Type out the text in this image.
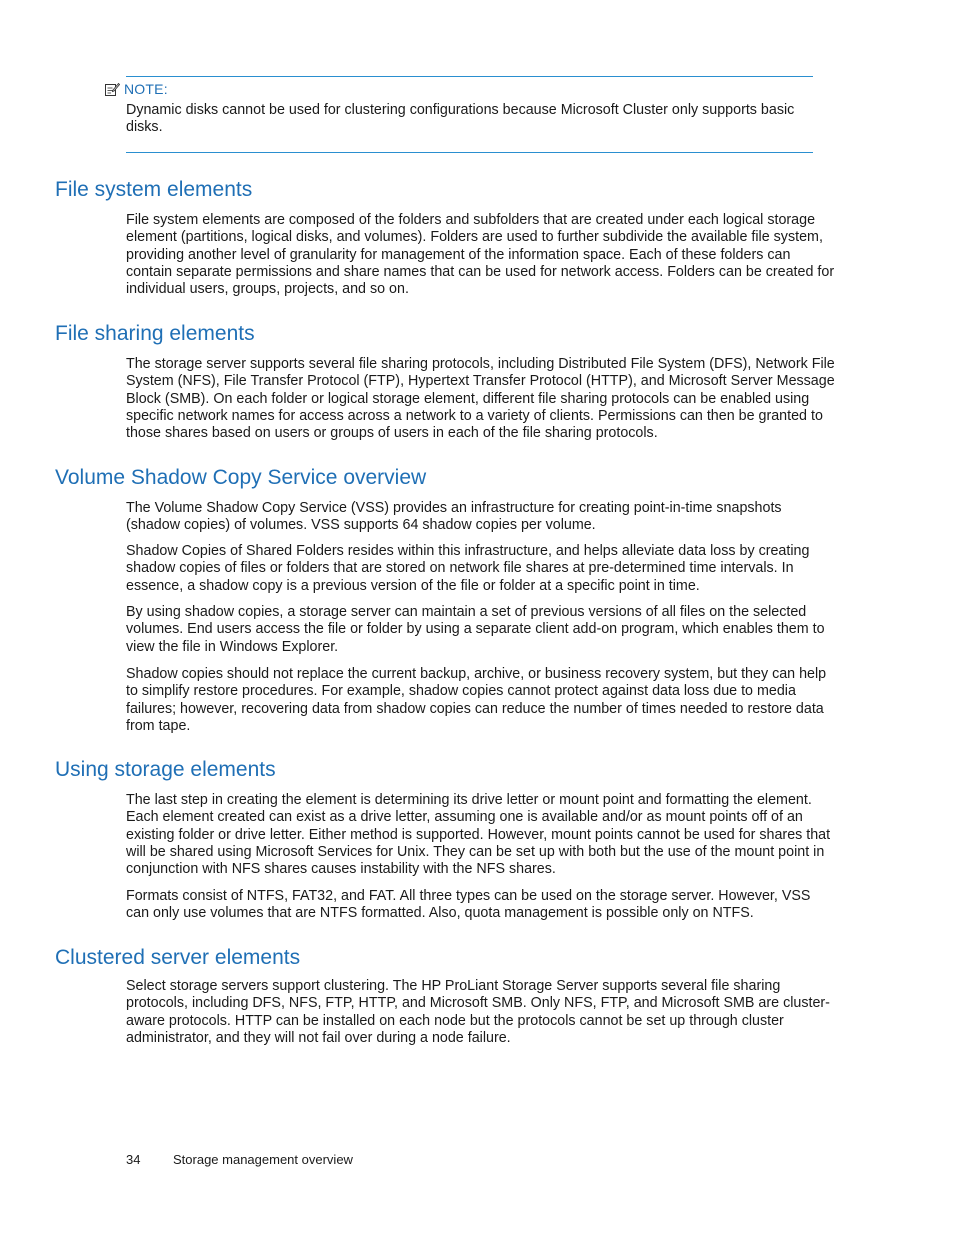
NOTE:
Dynamic disks cannot be used for clustering configurations because Microsoft Cluster only supports basic disks.
File system elements

File system elements are composed of the folders and subfolders that are created under each logical storage element (partitions, logical disks, and volumes). Folders are used to further subdivide the available file system, providing another level of granularity for management of the information space. Each of these folders can contain separate permissions and share names that can be used for network access. Folders can be created for individual users, groups, projects, and so on.

File sharing elements

The storage server supports several file sharing protocols, including Distributed File System (DFS), Network File System (NFS), File Transfer Protocol (FTP), Hypertext Transfer Protocol (HTTP), and Microsoft Server Message Block (SMB). On each folder or logical storage element, different file sharing protocols can be enabled using specific network names for access across a network to a variety of clients. Permissions can then be granted to those shares based on users or groups of users in each of the file sharing protocols.

Volume Shadow Copy Service overview

The Volume Shadow Copy Service (VSS) provides an infrastructure for creating point-in-time snapshots (shadow copies) of volumes. VSS supports 64 shadow copies per volume.

Shadow Copies of Shared Folders resides within this infrastructure, and helps alleviate data loss by creating shadow copies of files or folders that are stored on network file shares at pre-determined time intervals. In essence, a shadow copy is a previous version of the file or folder at a specific point in time.

By using shadow copies, a storage server can maintain a set of previous versions of all files on the selected volumes. End users access the file or folder by using a separate client add-on program, which enables them to view the file in Windows Explorer.

Shadow copies should not replace the current backup, archive, or business recovery system, but they can help to simplify restore procedures. For example, shadow copies cannot protect against data loss due to media failures; however, recovering data from shadow copies can reduce the number of times needed to restore data from tape.

Using storage elements

The last step in creating the element is determining its drive letter or mount point and formatting the element. Each element created can exist as a drive letter, assuming one is available and/or as mount points off of an existing folder or drive letter. Either method is supported. However, mount points cannot be used for shares that will be shared using Microsoft Services for Unix. They can be set up with both but the use of the mount point in conjunction with NFS shares causes instability with the NFS shares.

Formats consist of NTFS, FAT32, and FAT. All three types can be used on the storage server. However, VSS can only use volumes that are NTFS formatted. Also, quota management is possible only on NTFS.

Clustered server elements

Select storage servers support clustering. The HP ProLiant Storage Server supports several file sharing protocols, including DFS, NFS, FTP, HTTP, and Microsoft SMB. Only NFS, FTP, and Microsoft SMB are cluster-aware protocols. HTTP can be installed on each node but the protocols cannot be set up through cluster administrator, and they will not fail over during a node failure.

34	Storage management overview
